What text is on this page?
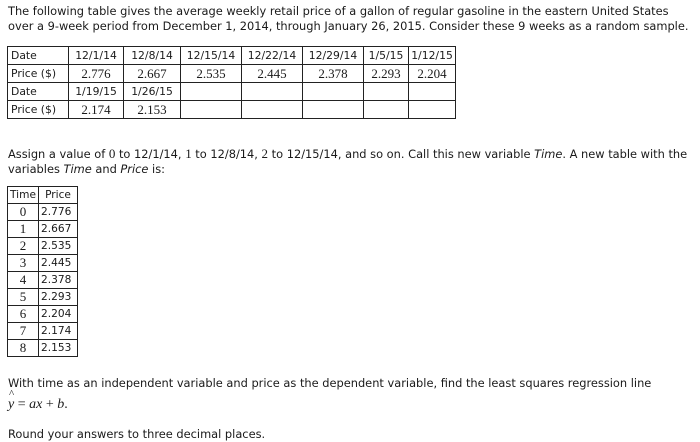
The following table gives the average weekly retail price of a gallon of regular gasoline in the eastern United States over a 9-week period from December 1, 2014, through January 26, 2015. Consider these 9 weeks as a random sample.

Date	12/1/14	12/8/14	12/15/14	12/22/14	12/29/14	1/5/15	1/12/15
Price ($)	2.776	2.667	2.535	2.445	2.378	2.293	2.204
Date	1/19/15	1/26/15					
Price ($)	2.174	2.153					

Assign a value of 0 to 12/1/14, 1 to 12/8/14, 2 to 12/15/14, and so on. Call this new variable Time. A new table with the variables Time and Price is:

Time	Price
0	2.776
1	2.667
2	2.535
3	2.445
4	2.378
5	2.293
6	2.204
7	2.174
8	2.153

With time as an independent variable and price as the dependent variable, find the least squares regression line

y
^
= ax + b.

Round your answers to three decimal places.
